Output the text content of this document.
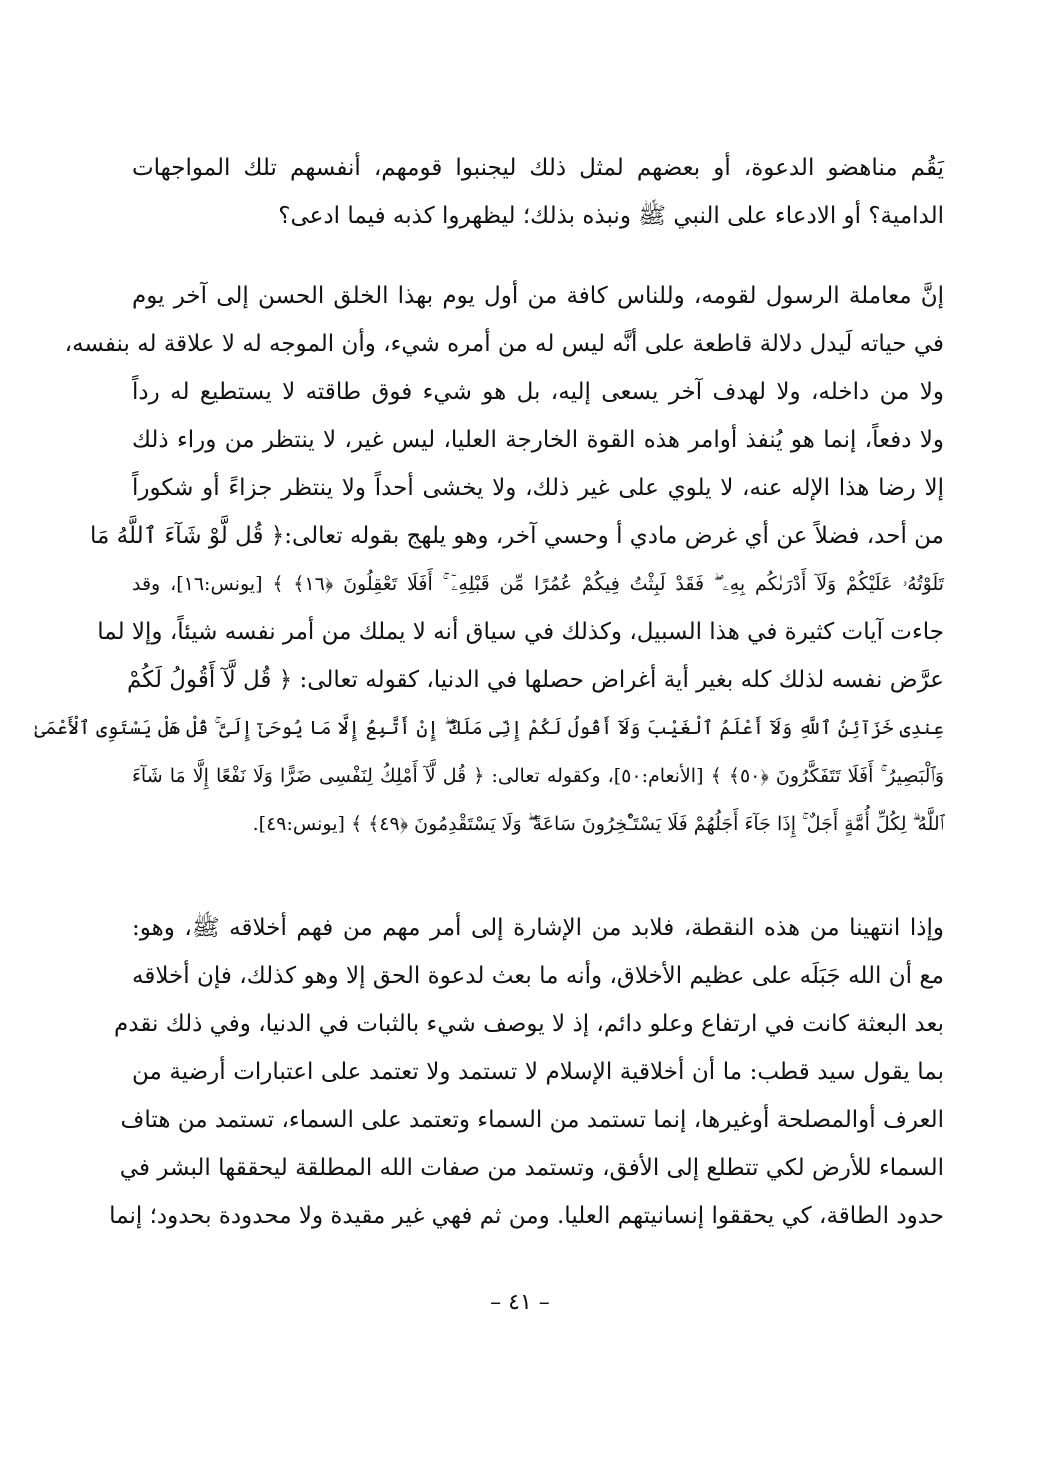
يَقُم مناهضو الدعوة، أو بعضهم لمثل ذلك ليجنبوا قومهم، أنفسهم تلك المواجهات
الدامية؟ أو الادعاء على النبي ﷺ ونبذه بذلك؛ ليظهروا كذبه فيما ادعى؟
إنَّ معاملة الرسول لقومه، وللناس كافة من أول يوم بهذا الخلق الحسن إلى آخر يوم
في حياته لَيدل دلالة قاطعة على أنَّه ليس له من أمره شيء، وأن الموجه له لا علاقة له بنفسه،
ولا من داخله، ولا لهدف آخر يسعى إليه، بل هو شيء فوق طاقته لا يستطيع له رداً
ولا دفعاً، إنما هو يُنفذ أوامر هذه القوة الخارجة العليا، ليس غير، لا ينتظر من وراء ذلك
إلا رضا هذا الإله عنه، لا يلوي على غير ذلك، ولا يخشى أحداً ولا ينتظر جزاءً أو شكوراً
من أحد، فضلاً عن أي غرض مادي أ وحسي آخر، وهو يلهج بقوله تعالى:﴿ قُل لَّوْ شَآءَ ٱللَّهُ مَا
تَلَوْتُهُۥ عَلَيْكُمْ وَلَآ أَدْرَىٰكُم بِهِۦ ۖ فَقَدْ لَبِثْتُ فِيكُمْ عُمُرًا مِّن قَبْلِهِۦٓ ۚ أَفَلَا تَعْقِلُونَ ﴿١٦﴾ ﴾ [يونس:١٦]، وقد
جاءت آيات كثيرة في هذا السبيل، وكذلك في سياق أنه لا يملك من أمر نفسه شيئاً، وإلا لما
عرَّض نفسه لذلك كله بغير أية أغراض حصلها في الدنيا، كقوله تعالى: ﴿ قُل لَّآ أَقُولُ لَكُمْ
عِندِى خَزَآئِنُ ٱللَّهِ وَلَآ أَعْلَمُ ٱلْغَيْبَ وَلَآ أَقُولُ لَكُمْ إِنِّى مَلَكٌ ۖ إِنْ أَتَّبِعُ إِلَّا مَا يُوحَىٰٓ إِلَىَّ ۚ قُلْ هَلْ يَسْتَوِى ٱلْأَعْمَىٰ
وَٱلْبَصِيرُ ۚ أَفَلَا تَتَفَكَّرُونَ ﴿٥٠﴾ ﴾ [الأنعام:٥٠]، وكقوله تعالى: ﴿ قُل لَّآ أَمْلِكُ لِنَفْسِى ضَرًّا وَلَا نَفْعًا إِلَّا مَا شَآءَ
ٱللَّهُ ۗ لِكُلِّ أُمَّةٍ أَجَلٌ ۚ إِذَا جَآءَ أَجَلُهُمْ فَلَا يَسْتَـْٔخِرُونَ سَاعَةً ۖ وَلَا يَسْتَقْدِمُونَ ﴿٤٩﴾ ﴾ [يونس:٤٩].
وإذا انتهينا من هذه النقطة، فلابد من الإشارة إلى أمر مهم من فهم أخلاقه ﷺ، وهو:
مع أن الله جَبَلَه على عظيم الأخلاق، وأنه ما بعث لدعوة الحق إلا وهو كذلك، فإن أخلاقه
بعد البعثة كانت في ارتفاع وعلو دائم، إذ لا يوصف شيء بالثبات في الدنيا، وفي ذلك نقدم
بما يقول سيد قطب: ما أن أخلاقية الإسلام لا تستمد ولا تعتمد على اعتبارات أرضية من
العرف أوالمصلحة أوغيرها، إنما تستمد من السماء وتعتمد على السماء، تستمد من هتاف
السماء للأرض لكي تتطلع إلى الأفق، وتستمد من صفات الله المطلقة ليحققها البشر في
حدود الطاقة، كي يحققوا إنسانيتهم العليا. ومن ثم فهي غير مقيدة ولا محدودة بحدود؛ إنما
– ٤١ –
